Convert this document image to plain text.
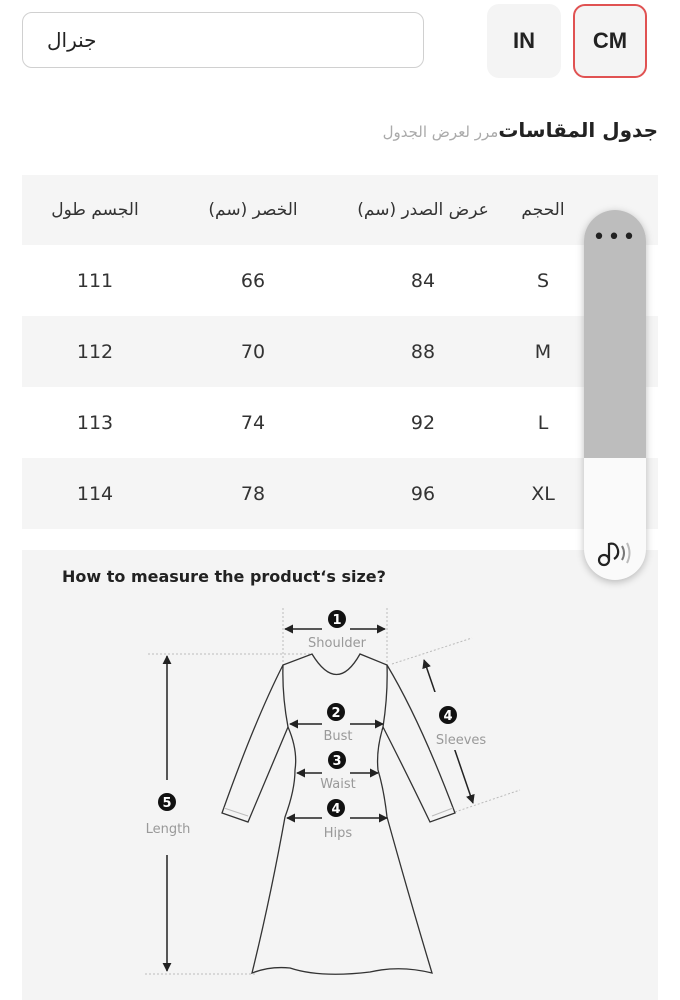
جنرال	IN	CM
جدول المقاسات
مرر لعرض الجدول
الحجم	عرض الصدر (سم)	الخصر (سم)	الجسم طول
S	84	66	111
M	88	70	112
L	92	74	113
XL	96	78	114
How to measure the product‘s size?
1
2
3
4
5
4
Shoulder
Bust
Waist
Hips
Length
Sleeves
•••
